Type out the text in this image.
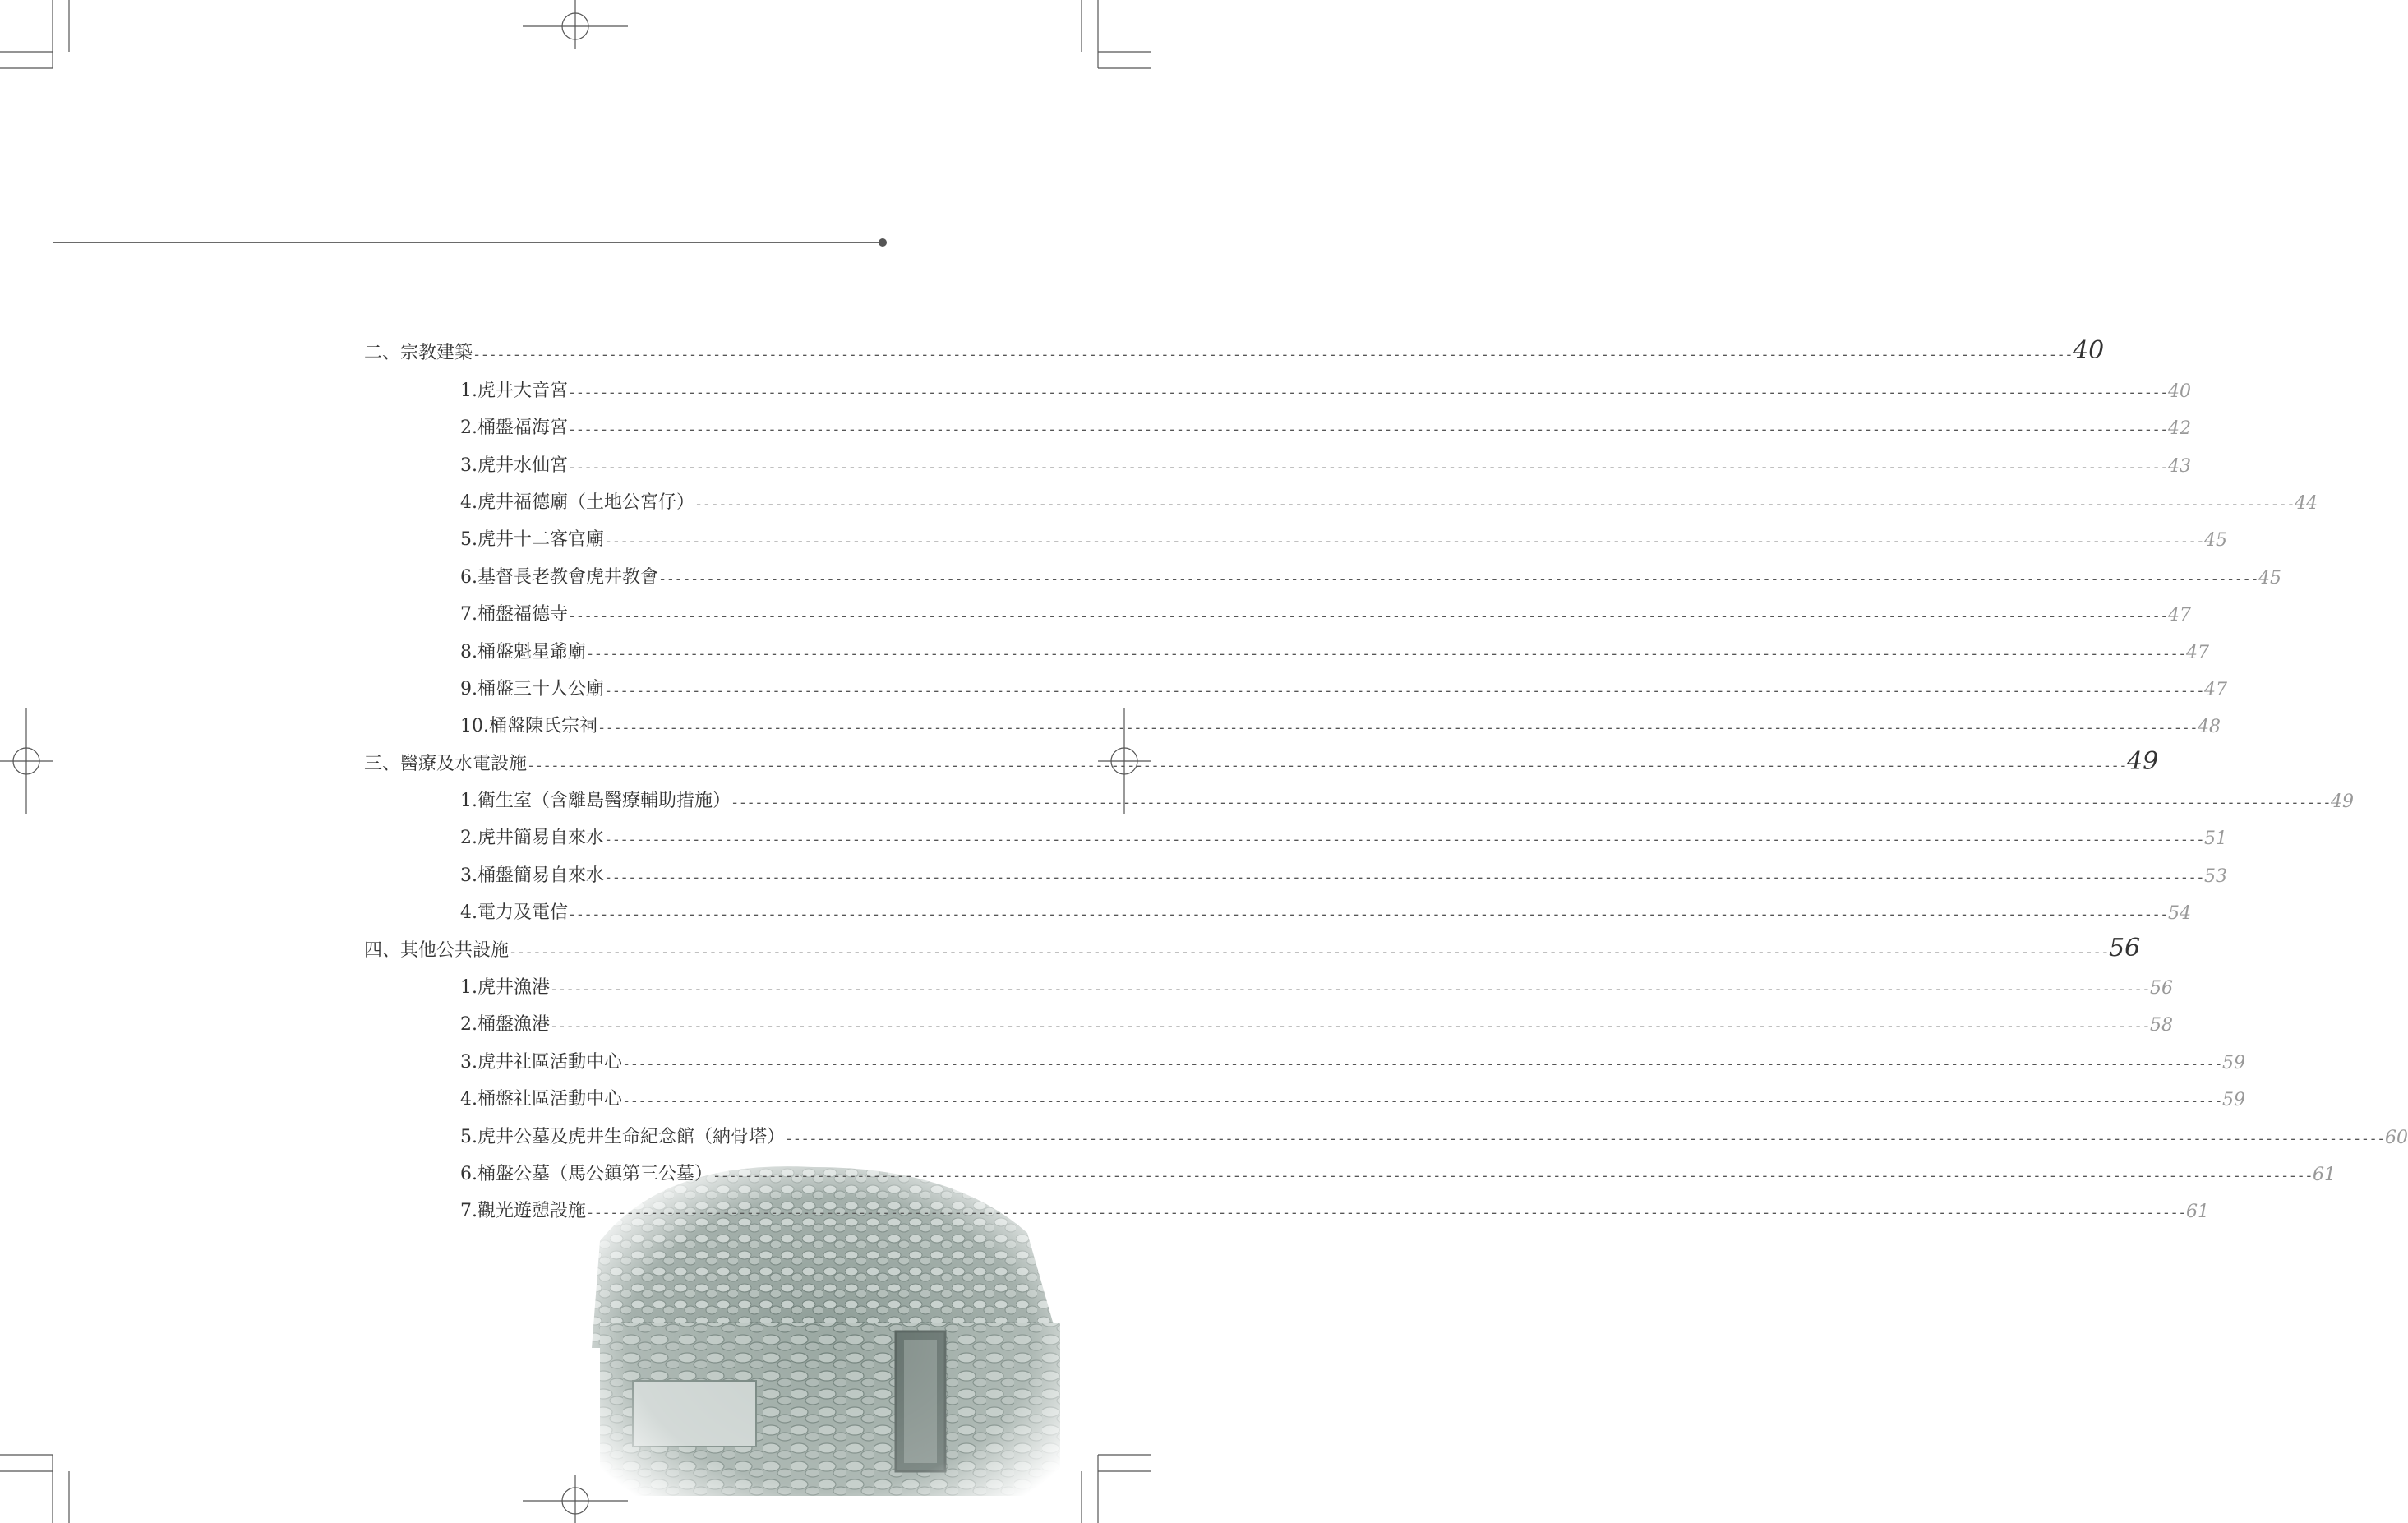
二、宗教建築 -------------------------------------------------------------------------------------------------------------------------------------------------------------------------------------------------------- 40
1.虎井大音宮 -------------------------------------------------------------------------------------------------------------------------------------------------------------------------------------------------------- 40
2.桶盤福海宮 -------------------------------------------------------------------------------------------------------------------------------------------------------------------------------------------------------- 42
3.虎井水仙宮 -------------------------------------------------------------------------------------------------------------------------------------------------------------------------------------------------------- 43
4.虎井福德廟（土地公宮仔） -------------------------------------------------------------------------------------------------------------------------------------------------------------------------------------------------------- 44
5.虎井十二客官廟 -------------------------------------------------------------------------------------------------------------------------------------------------------------------------------------------------------- 45
6.基督長老教會虎井教會 -------------------------------------------------------------------------------------------------------------------------------------------------------------------------------------------------------- 45
7.桶盤福德寺 -------------------------------------------------------------------------------------------------------------------------------------------------------------------------------------------------------- 47
8.桶盤魁星爺廟 -------------------------------------------------------------------------------------------------------------------------------------------------------------------------------------------------------- 47
9.桶盤三十人公廟 -------------------------------------------------------------------------------------------------------------------------------------------------------------------------------------------------------- 47
10.桶盤陳氏宗祠 -------------------------------------------------------------------------------------------------------------------------------------------------------------------------------------------------------- 48
三、醫療及水電設施 -------------------------------------------------------------------------------------------------------------------------------------------------------------------------------------------------------- 49
1.衛生室（含離島醫療輔助措施） -------------------------------------------------------------------------------------------------------------------------------------------------------------------------------------------------------- 49
2.虎井簡易自來水 -------------------------------------------------------------------------------------------------------------------------------------------------------------------------------------------------------- 51
3.桶盤簡易自來水 -------------------------------------------------------------------------------------------------------------------------------------------------------------------------------------------------------- 53
4.電力及電信 -------------------------------------------------------------------------------------------------------------------------------------------------------------------------------------------------------- 54
四、其他公共設施 -------------------------------------------------------------------------------------------------------------------------------------------------------------------------------------------------------- 56
1.虎井漁港 -------------------------------------------------------------------------------------------------------------------------------------------------------------------------------------------------------- 56
2.桶盤漁港 -------------------------------------------------------------------------------------------------------------------------------------------------------------------------------------------------------- 58
3.虎井社區活動中心 -------------------------------------------------------------------------------------------------------------------------------------------------------------------------------------------------------- 59
4.桶盤社區活動中心 -------------------------------------------------------------------------------------------------------------------------------------------------------------------------------------------------------- 59
5.虎井公墓及虎井生命紀念館（納骨塔） -------------------------------------------------------------------------------------------------------------------------------------------------------------------------------------------------------- 60
6.桶盤公墓（馬公鎮第三公墓） -------------------------------------------------------------------------------------------------------------------------------------------------------------------------------------------------------- 61
7.觀光遊憩設施 -------------------------------------------------------------------------------------------------------------------------------------------------------------------------------------------------------- 61
